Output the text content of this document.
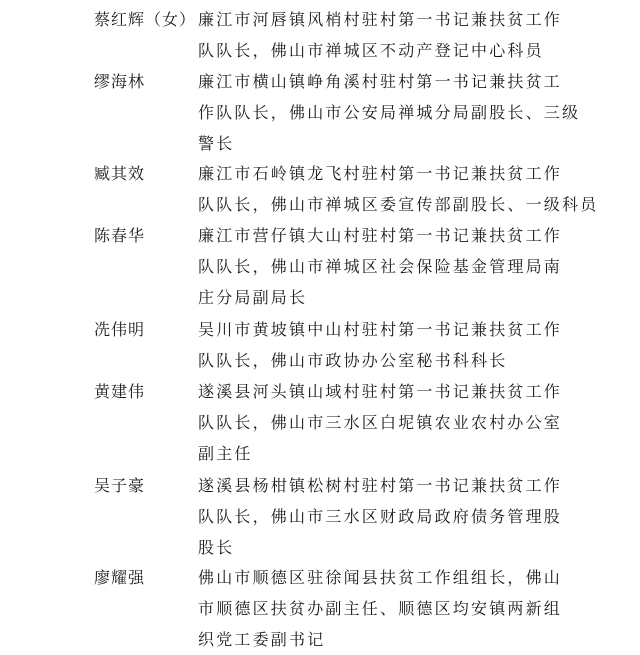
蔡红辉（女） 廉江市河唇镇风梢村驻村第一书记兼扶贫工作
队队长，佛山市禅城区不动产登记中心科员
缪海林	廉江市横山镇峥角溪村驻村第一书记兼扶贫工
作队队长，佛山市公安局禅城分局副股长、三级
警长
臧其效	廉江市石岭镇龙飞村驻村第一书记兼扶贫工作
队队长，佛山市禅城区委宣传部副股长、一级科员
陈春华	廉江市营仔镇大山村驻村第一书记兼扶贫工作
队队长，佛山市禅城区社会保险基金管理局南
庄分局副局长
冼伟明	吴川市黄坡镇中山村驻村第一书记兼扶贫工作
队队长，佛山市政协办公室秘书科科长
黄建伟	遂溪县河头镇山域村驻村第一书记兼扶贫工作
队队长，佛山市三水区白坭镇农业农村办公室
副主任
吴子豪	遂溪县杨柑镇松树村驻村第一书记兼扶贫工作
队队长，佛山市三水区财政局政府债务管理股
股长
廖耀强	佛山市顺德区驻徐闻县扶贫工作组组长，佛山
市顺德区扶贫办副主任、顺德区均安镇两新组
织党工委副书记
